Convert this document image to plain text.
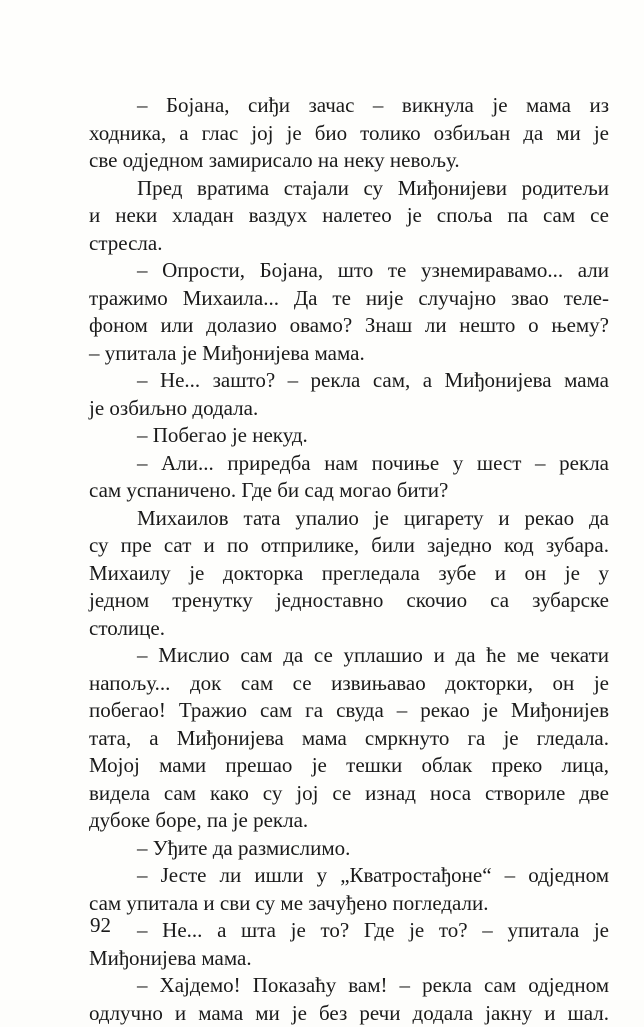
– Бојана, сиђи зачас – викнула је мама из
ходника, а глас јој је био толико озбиљан да ми је
све одједном замирисало на неку невољу.
Пред вратима стајали су Миђонијеви родитељи
и неки хладан ваздух налетео је споља па сам се
стресла.
– Опрости, Бојана, што те узнемиравамо... али
тражимо Михаила... Да те није случајно звао теле-
фоном или долазио овамо? Знаш ли нешто о њему?
– упитала је Миђонијева мама.
– Не... зашто? – рекла сам, а Миђонијева мама
је озбиљно додала.
– Побегао је некуд.
– Али... приредба нам почиње у шест – рекла
сам успаничено. Где би сад могао бити?
Михаилов тата упалио је цигарету и рекао да
су пре сат и по отприлике, били заједно код зубара.
Михаилу је докторка прегледала зубе и он је у
једном тренутку једноставно скочио са зубарске
столице.
– Мислио сам да се уплашио и да ће ме чекати
напољу... док сам се извињавао докторки, он је
побегао! Тражио сам га свуда – рекао је Миђонијев
тата, а Миђонијева мама смркнуто га је гледала.
Мојој мами прешао је тешки облак преко лица,
видела сам како су јој се изнад носа створиле две
дубоке боре, па је рекла.
– Уђите да размислимо.
– Јесте ли ишли у „Кватростађоне“ – одједном
сам упитала и сви су ме зачуђено погледали.
– Не... а шта је то? Где је то? – упитала је
Миђонијева мама.
– Хајдемо! Показаћу вам! – рекла сам одједном
одлучно и мама ми је без речи додала јакну и шал.
92
